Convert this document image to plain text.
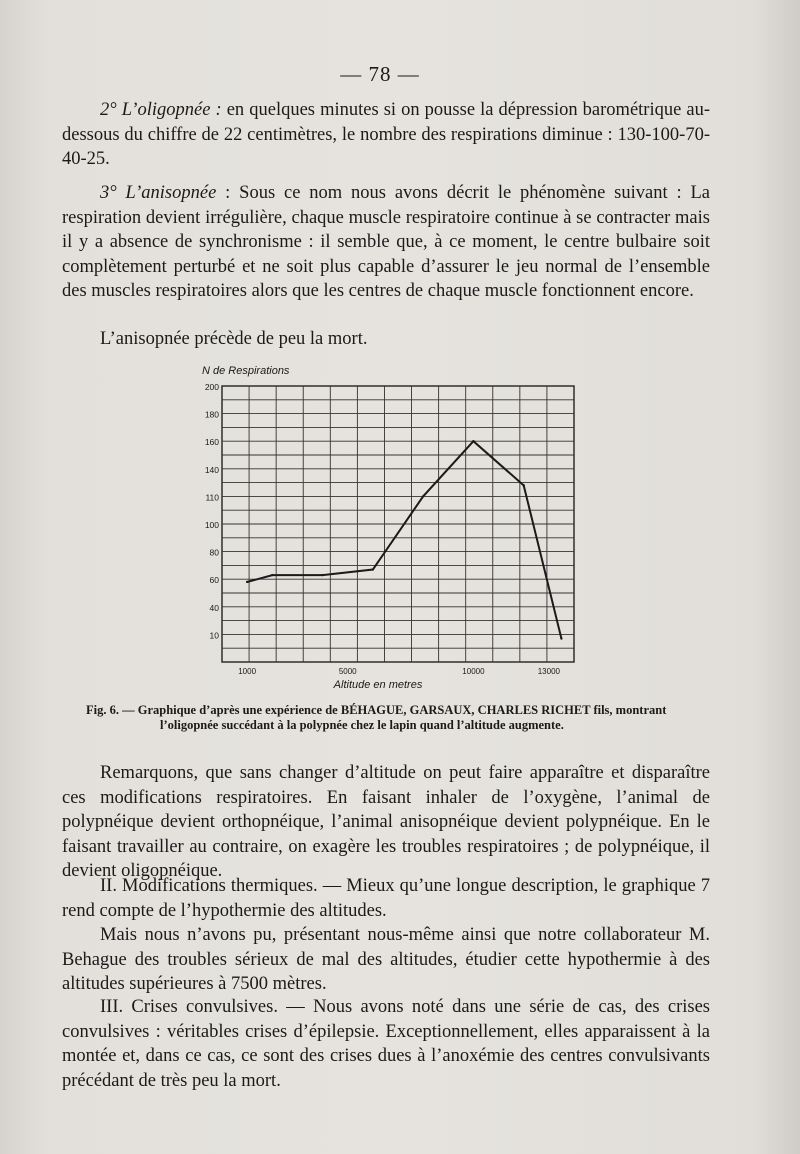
— 78 —

2° L’oligopnée : en quelques minutes si on pousse la dépression barométrique au-dessous du chiffre de 22 centimètres, le nombre des respirations diminue : 130-100-70-40-25.

3° L’anisopnée : Sous ce nom nous avons décrit le phénomène suivant : La respiration devient irrégulière, chaque muscle respiratoire continue à se contracter mais il y a absence de synchronisme : il semble que, à ce moment, le centre bulbaire soit complètement perturbé et ne soit plus capable d’assurer le jeu normal de l’ensemble des muscles respiratoires alors que les centres de chaque muscle fonctionnent encore.

L’anisopnée précède de peu la mort.

200
180
160
140
110
100
80
60
40
10
1000	5000	10000	13000
N de Respirations
Altitude en metres
Fig. 6. — Graphique d’après une expérience de BÉHAGUE, GARSAUX, CHARLES RICHET fils, montrant
l’oligopnée succédant à la polypnée chez le lapin quand l’altitude augmente.

Remarquons, que sans changer d’altitude on peut faire apparaître et disparaître ces modifications respiratoires. En faisant inhaler de l’oxygène, l’animal de polypnéique devient orthopnéique, l’animal anisopnéique devient polypnéique. En le faisant travailler au contraire, on exagère les troubles respiratoires ; de polypnéique, il devient oligopnéique.

II. Modifications thermiques. — Mieux qu’une longue description, le graphique 7 rend compte de l’hypothermie des altitudes.

Mais nous n’avons pu, présentant nous-même ainsi que notre collaborateur M. Behague des troubles sérieux de mal des altitudes, étudier cette hypothermie à des altitudes supérieures à 7500 mètres.

III. Crises convulsives. — Nous avons noté dans une série de cas, des crises convulsives : véritables crises d’épilepsie. Exceptionnellement, elles apparaissent à la montée et, dans ce cas, ce sont des crises dues à l’anoxémie des centres convulsivants précédant de très peu la mort.
